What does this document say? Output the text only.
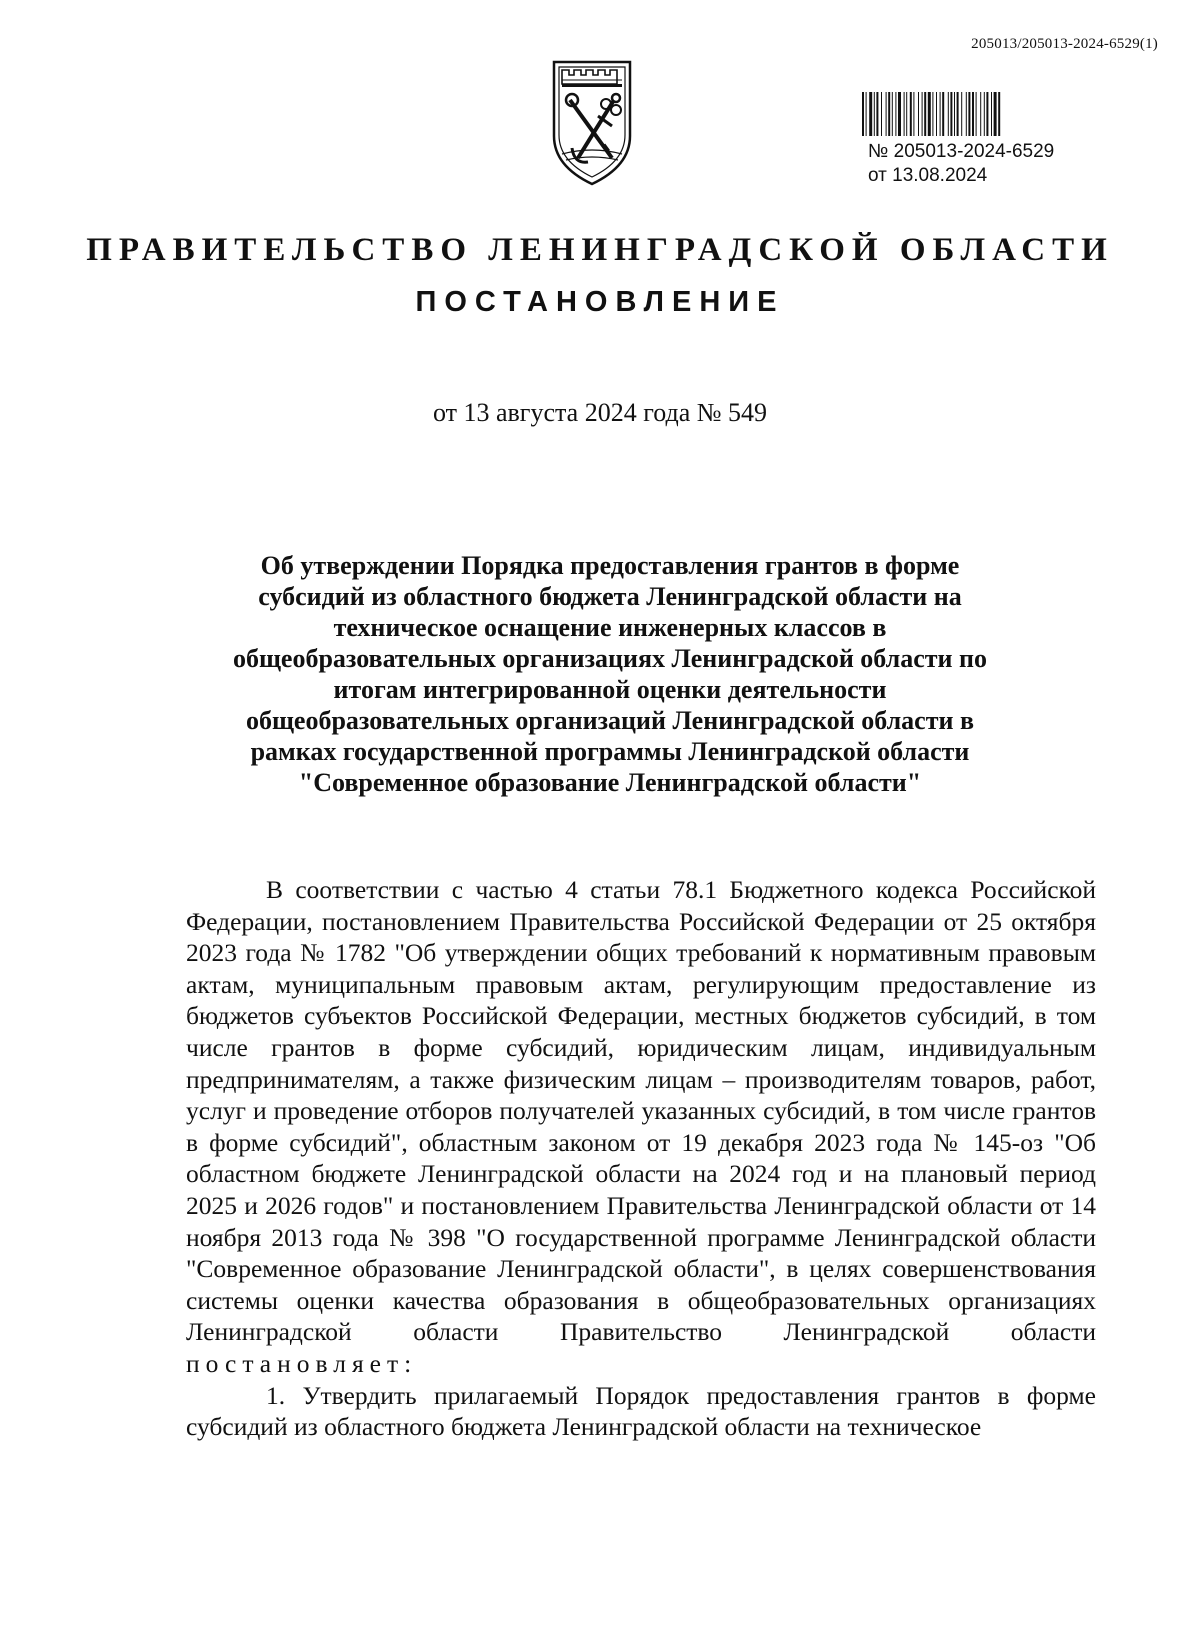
205013/205013-2024-6529(1)
№ 205013-2024-6529
от 13.08.2024
ПРАВИТЕЛЬСТВО ЛЕНИНГРАДСКОЙ ОБЛАСТИ
ПОСТАНОВЛЕНИЕ
от 13 августа 2024 года № 549
Об утверждении Порядка предоставления грантов в форме субсидий из областного бюджета Ленинградской области на техническое оснащение инженерных классов в общеобразовательных организациях Ленинградской области по итогам интегрированной оценки деятельности общеобразовательных организаций Ленинградской области в рамках государственной программы Ленинградской области "Современное образование Ленинградской области"

В соответствии с частью 4 статьи 78.1 Бюджетного кодекса Российской Федерации, постановлением Правительства Российской Федерации от 25 октября 2023 года № 1782 "Об утверждении общих требований к нормативным правовым актам, муниципальным правовым актам, регулирующим предоставление из бюджетов субъектов Российской Федерации, местных бюджетов субсидий, в том числе грантов в форме субсидий, юридическим лицам, индивидуальным предпринимателям, а также физическим лицам – производителям товаров, работ, услуг и проведение отборов получателей указанных субсидий, в том числе грантов в форме субсидий", областным законом от 19 декабря 2023 года № 145-оз "Об областном бюджете Ленинградской области на 2024 год и на плановый период 2025 и 2026 годов" и постановлением Правительства Ленинградской области от 14 ноября 2013 года № 398 "О государственной программе Ленинградской области "Современное образование Ленинградской области", в целях совершенствования системы оценки качества образования в общеобразовательных организациях Ленинградской области Правительство Ленинградской области постановляет:

1. Утвердить прилагаемый Порядок предоставления грантов в форме субсидий из областного бюджета Ленинградской области на техническое
